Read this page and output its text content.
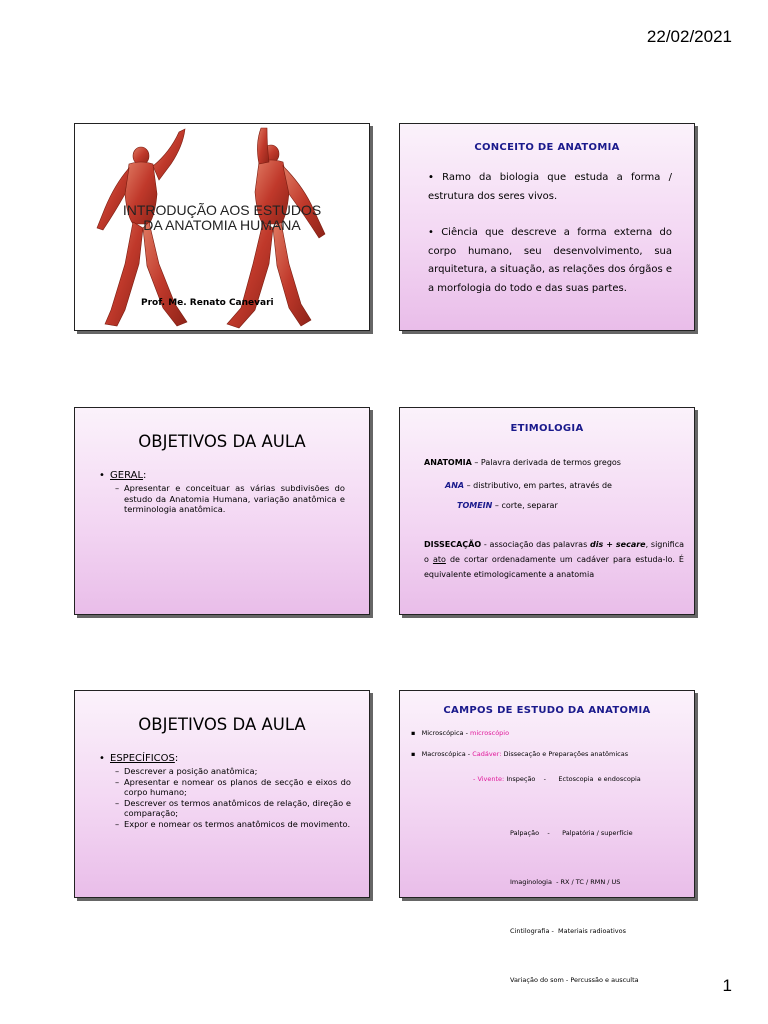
22/02/2021
INTRODUÇÃO AOS ESTUDOS
DA ANATOMIA HUMANA
Prof. Me. Renato Canevari
CONCEITO DE ANATOMIA
• • Ramo da biologia que estuda a forma / estrutura dos seres vivos.
• Ciência que descreve a forma externa do corpo humano, seu desenvolvimento, sua arquitetura, a situação, as relações dos órgãos e a morfologia do todo e das suas partes.
OBJETIVOS DA AULA
• GERAL:
– Apresentar e conceituar as várias subdivisões do estudo da Anatomia Humana, variação anatômica e terminologia anatômica.
ETIMOLOGIA
ANATOMIA – Palavra derivada de termos gregos
ANA – distributivo, em partes, através de
TOMEIN – corte, separar
DISSECAÇÃO - associação das palavras dis + secare, significa o ato de cortar ordenadamente um cadáver para estuda-lo. É equivalente etimologicamente a anatomia
OBJETIVOS DA AULA
• ESPECÍFICOS:
– Descrever a posição anatômica;
– Apresentar e nomear os planos de secção e eixos do corpo humano;
– Descrever os termos anatômicos de relação, direção e comparação;
– Expor e nomear os termos anatômicos de movimento.
CAMPOS DE ESTUDO DA ANATOMIA
▪ Microscópica - microscópio
▪ Macroscópica - Cadáver: Dissecação e Preparações anatômicas
- Vivente: Inspeção    -      Ectoscopia  e endoscopia

Palpação    -      Palpatória / superfície

Imaginologia  - RX / TC / RMN / US

Cintilografia -  Materiais radioativos

Variação do som - Percussão e ausculta

	1
